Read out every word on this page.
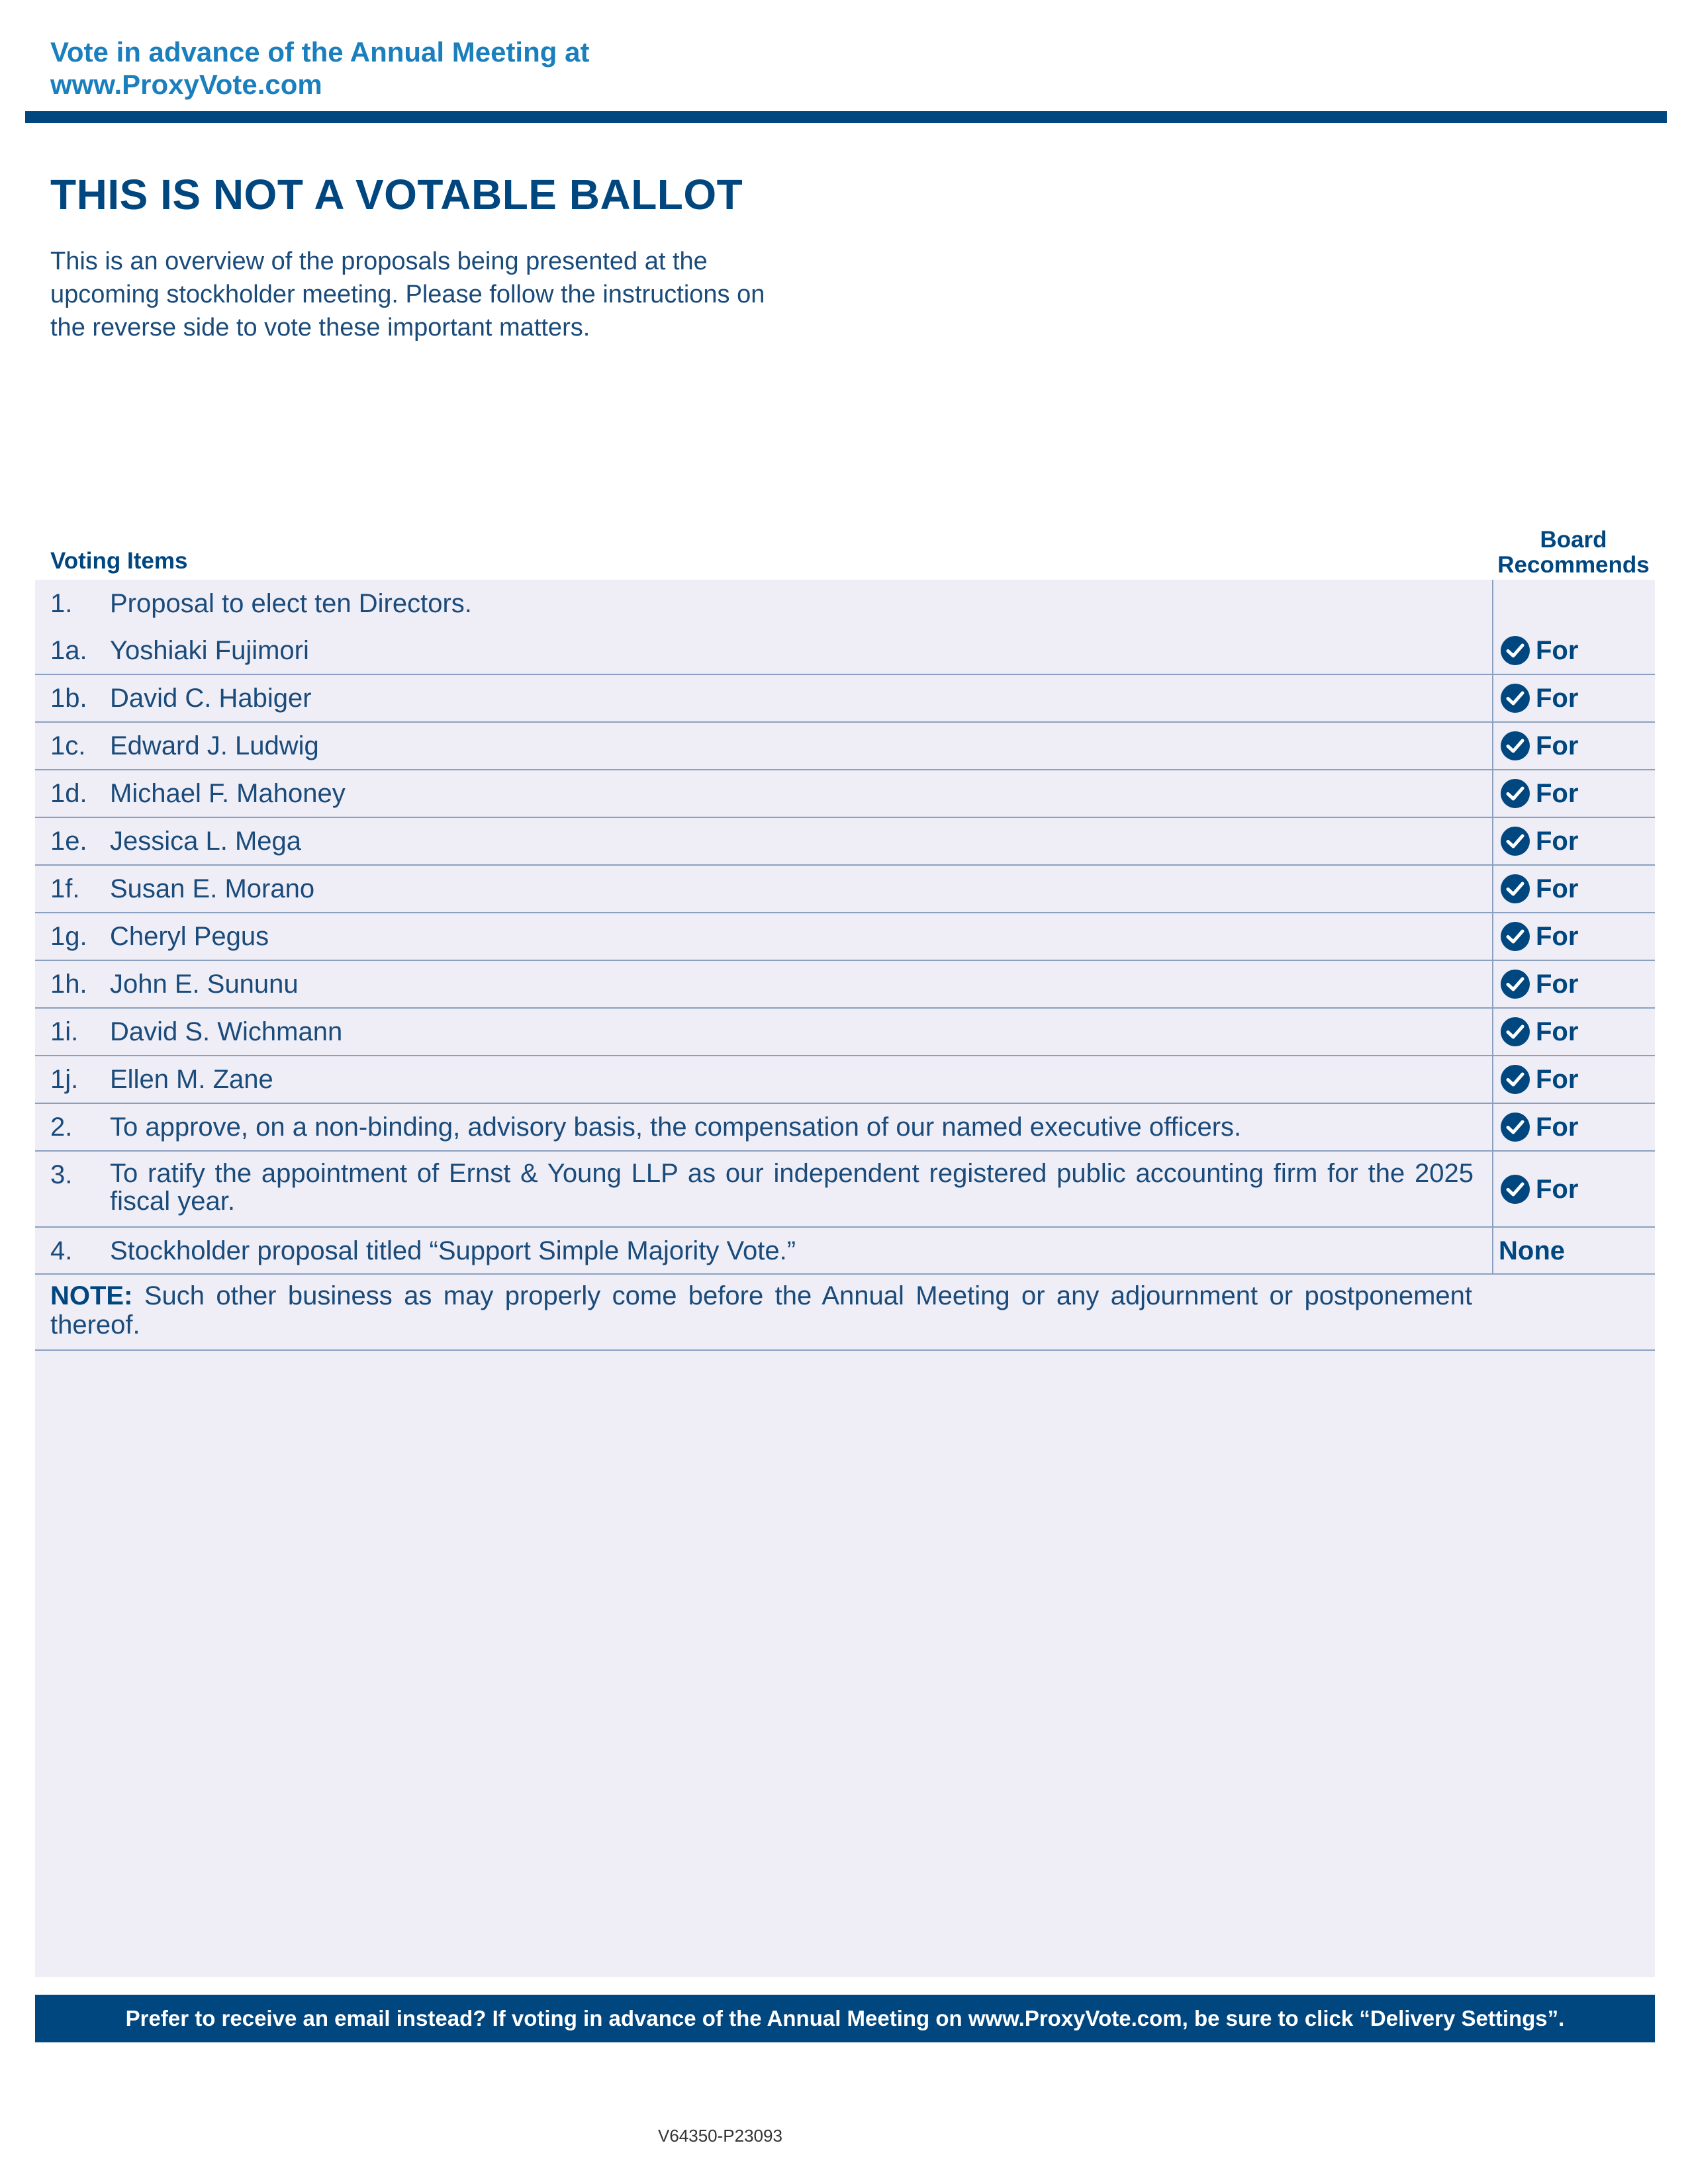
Vote in advance of the Annual Meeting at
www.ProxyVote.com
THIS IS NOT A VOTABLE BALLOT
This is an overview of the proposals being presented at the
upcoming stockholder meeting. Please follow the instructions on
the reverse side to vote these important matters.
Voting Items
Board
Recommends
1. Proposal to elect ten Directors.
1a. Yoshiaki Fujimori	For
1b. David C. Habiger	For
1c. Edward J. Ludwig	For
1d. Michael F. Mahoney	For
1e. Jessica L. Mega	For
1f. Susan E. Morano	For
1g. Cheryl Pegus	For
1h. John E. Sununu	For
1i. David S. Wichmann	For
1j. Ellen M. Zane	For
2. To approve, on a non-binding, advisory basis, the compensation of our named executive officers.	For
3. To ratify the appointment of Ernst & Young LLP as our independent registered public accounting firm for the 2025 fiscal year.	For
4. Stockholder proposal titled “Support Simple Majority Vote.”	None
NOTE: Such other business as may properly come before the Annual Meeting or any adjournment or postponement thereof.
Prefer to receive an email instead? If voting in advance of the Annual Meeting on www.ProxyVote.com, be sure to click “Delivery Settings”.
V64350-P23093
